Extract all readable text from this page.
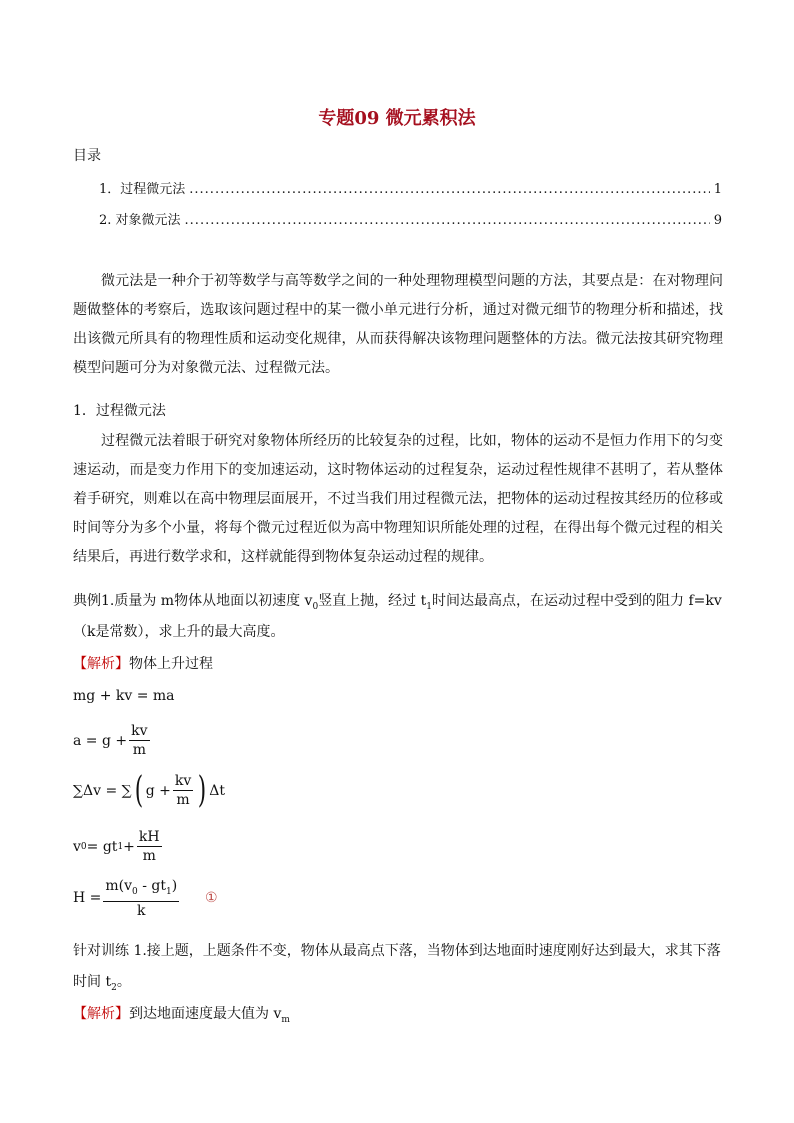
专题09 微元累积法
目录
1．过程微元法 .....	1
2. 对象微元法 .....	9
微元法是一种介于初等数学与高等数学之间的一种处理物理模型问题的方法，其要点是：在对物理问题做整体的考察后，选取该问题过程中的某一微小单元进行分析，通过对微元细节的物理分析和描述，找出该微元所具有的物理性质和运动变化规律，从而获得解决该物理问题整体的方法。微元法按其研究物理模型问题可分为对象微元法、过程微元法。
1．过程微元法
过程微元法着眼于研究对象物体所经历的比较复杂的过程，比如，物体的运动不是恒力作用下的匀变速运动，而是变力作用下的变加速运动，这时物体运动的过程复杂，运动过程性规律不甚明了，若从整体着手研究，则难以在高中物理层面展开，不过当我们用过程微元法，把物体的运动过程按其经历的位移或时间等分为多个小量，将每个微元过程近似为高中物理知识所能处理的过程，在得出每个微元过程的相关结果后，再进行数学求和，这样就能得到物体复杂运动过程的规律。
典例1.质量为 m物体从地面以初速度 $v_0$竖直上抛，经过 $t_1$时间达最高点，在运动过程中受到的阻力 f=kv
（k是常数），求上升的最大高度。
【解析】物体上升过程
mg + kv = ma
$a = g + \frac{kv}{m}$
∑Δv = ∑ ( $g + \frac{kv}{m}$ ) Δt
v 0 = gt $1 + \frac{kH}{m}$
$H = \frac{m(v_0 - gt_1)}{k}$ ①
针对训练 1.接上题，上题条件不变，物体从最高点下落，当物体到达地面时速度刚好达到最大，求其下落
时间 $t_2$。
【解析】到达地面速度最大值为 $v_m$
